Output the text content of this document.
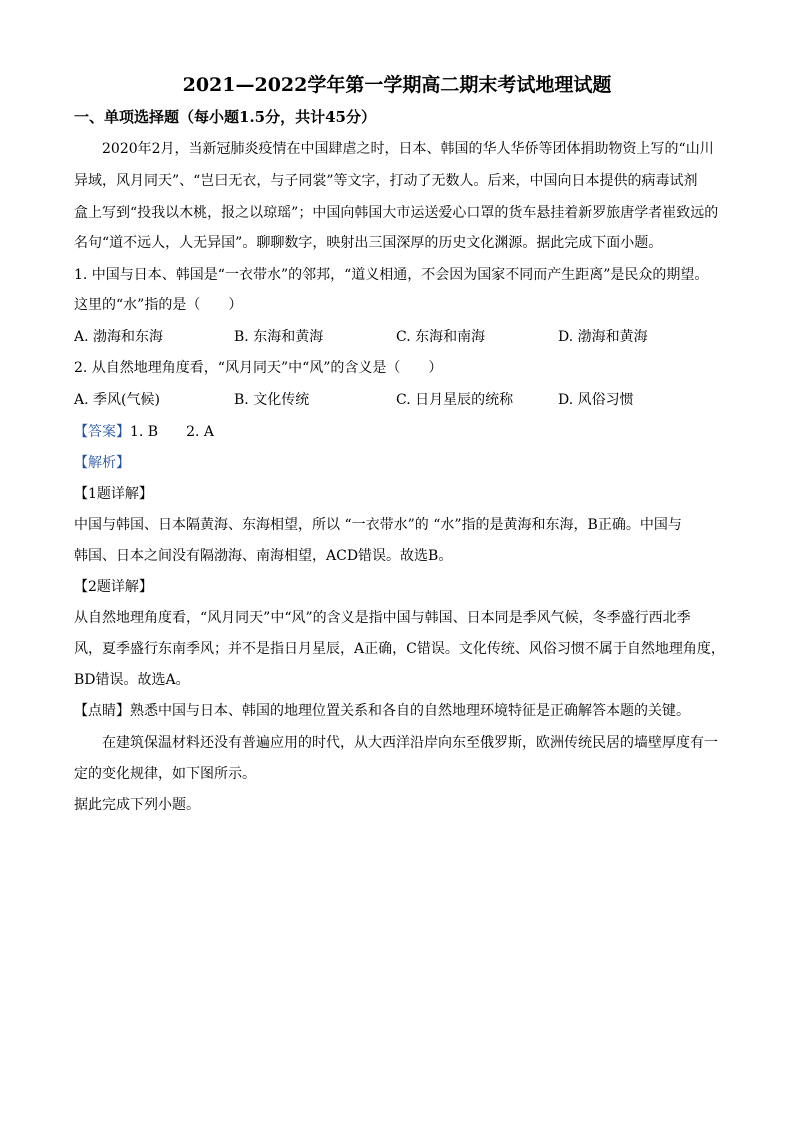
2021—2022学年第一学期高二期末考试地理试题
一、单项选择题（每小题1.5分，共计45分）
2020年2月，当新冠肺炎疫情在中国肆虐之时，日本、韩国的华人华侨等团体捐助物资上写的“山川
异域，风月同天”、“岂曰无衣，与子同裳”等文字，打动了无数人。后来，中国向日本提供的病毒试剂
盒上写到“投我以木桃，报之以琼瑶”；中国向韩国大市运送爱心口罩的货车悬挂着新罗旅唐学者崔致远的
名句“道不远人，人无异国”。聊聊数字，映射出三国深厚的历史文化渊源。据此完成下面小题。
1. 中国与日本、韩国是“一衣带水”的邻邦，“道义相通，不会因为国家不同而产生距离”是民众的期望。
这里的“水”指的是（　　）
A. 渤海和东海	B. 东海和黄海	C. 东海和南海	D. 渤海和黄海
2. 从自然地理角度看，“风月同天”中“风”的含义是（　　）
A. 季风(气候)	B. 文化传统	C. 日月星辰的统称	D. 风俗习惯
【答案】1. B　　2. A
【解析】
【1题详解】
中国与韩国、日本隔黄海、东海相望，所以 “一衣带水”的 “水”指的是黄海和东海，B正确。中国与
韩国、日本之间没有隔渤海、南海相望，ACD错误。故选B。
【2题详解】
从自然地理角度看，“风月同天”中“风”的含义是指中国与韩国、日本同是季风气候，冬季盛行西北季
风，夏季盛行东南季风；并不是指日月星辰，A正确，C错误。文化传统、风俗习惯不属于自然地理角度，
BD错误。故选A。
【点睛】熟悉中国与日本、韩国的地理位置关系和各自的自然地理环境特征是正确解答本题的关键。
在建筑保温材料还没有普遍应用的时代，从大西洋沿岸向东至俄罗斯，欧洲传统民居的墙壁厚度有一
定的变化规律，如下图所示。
据此完成下列小题。
